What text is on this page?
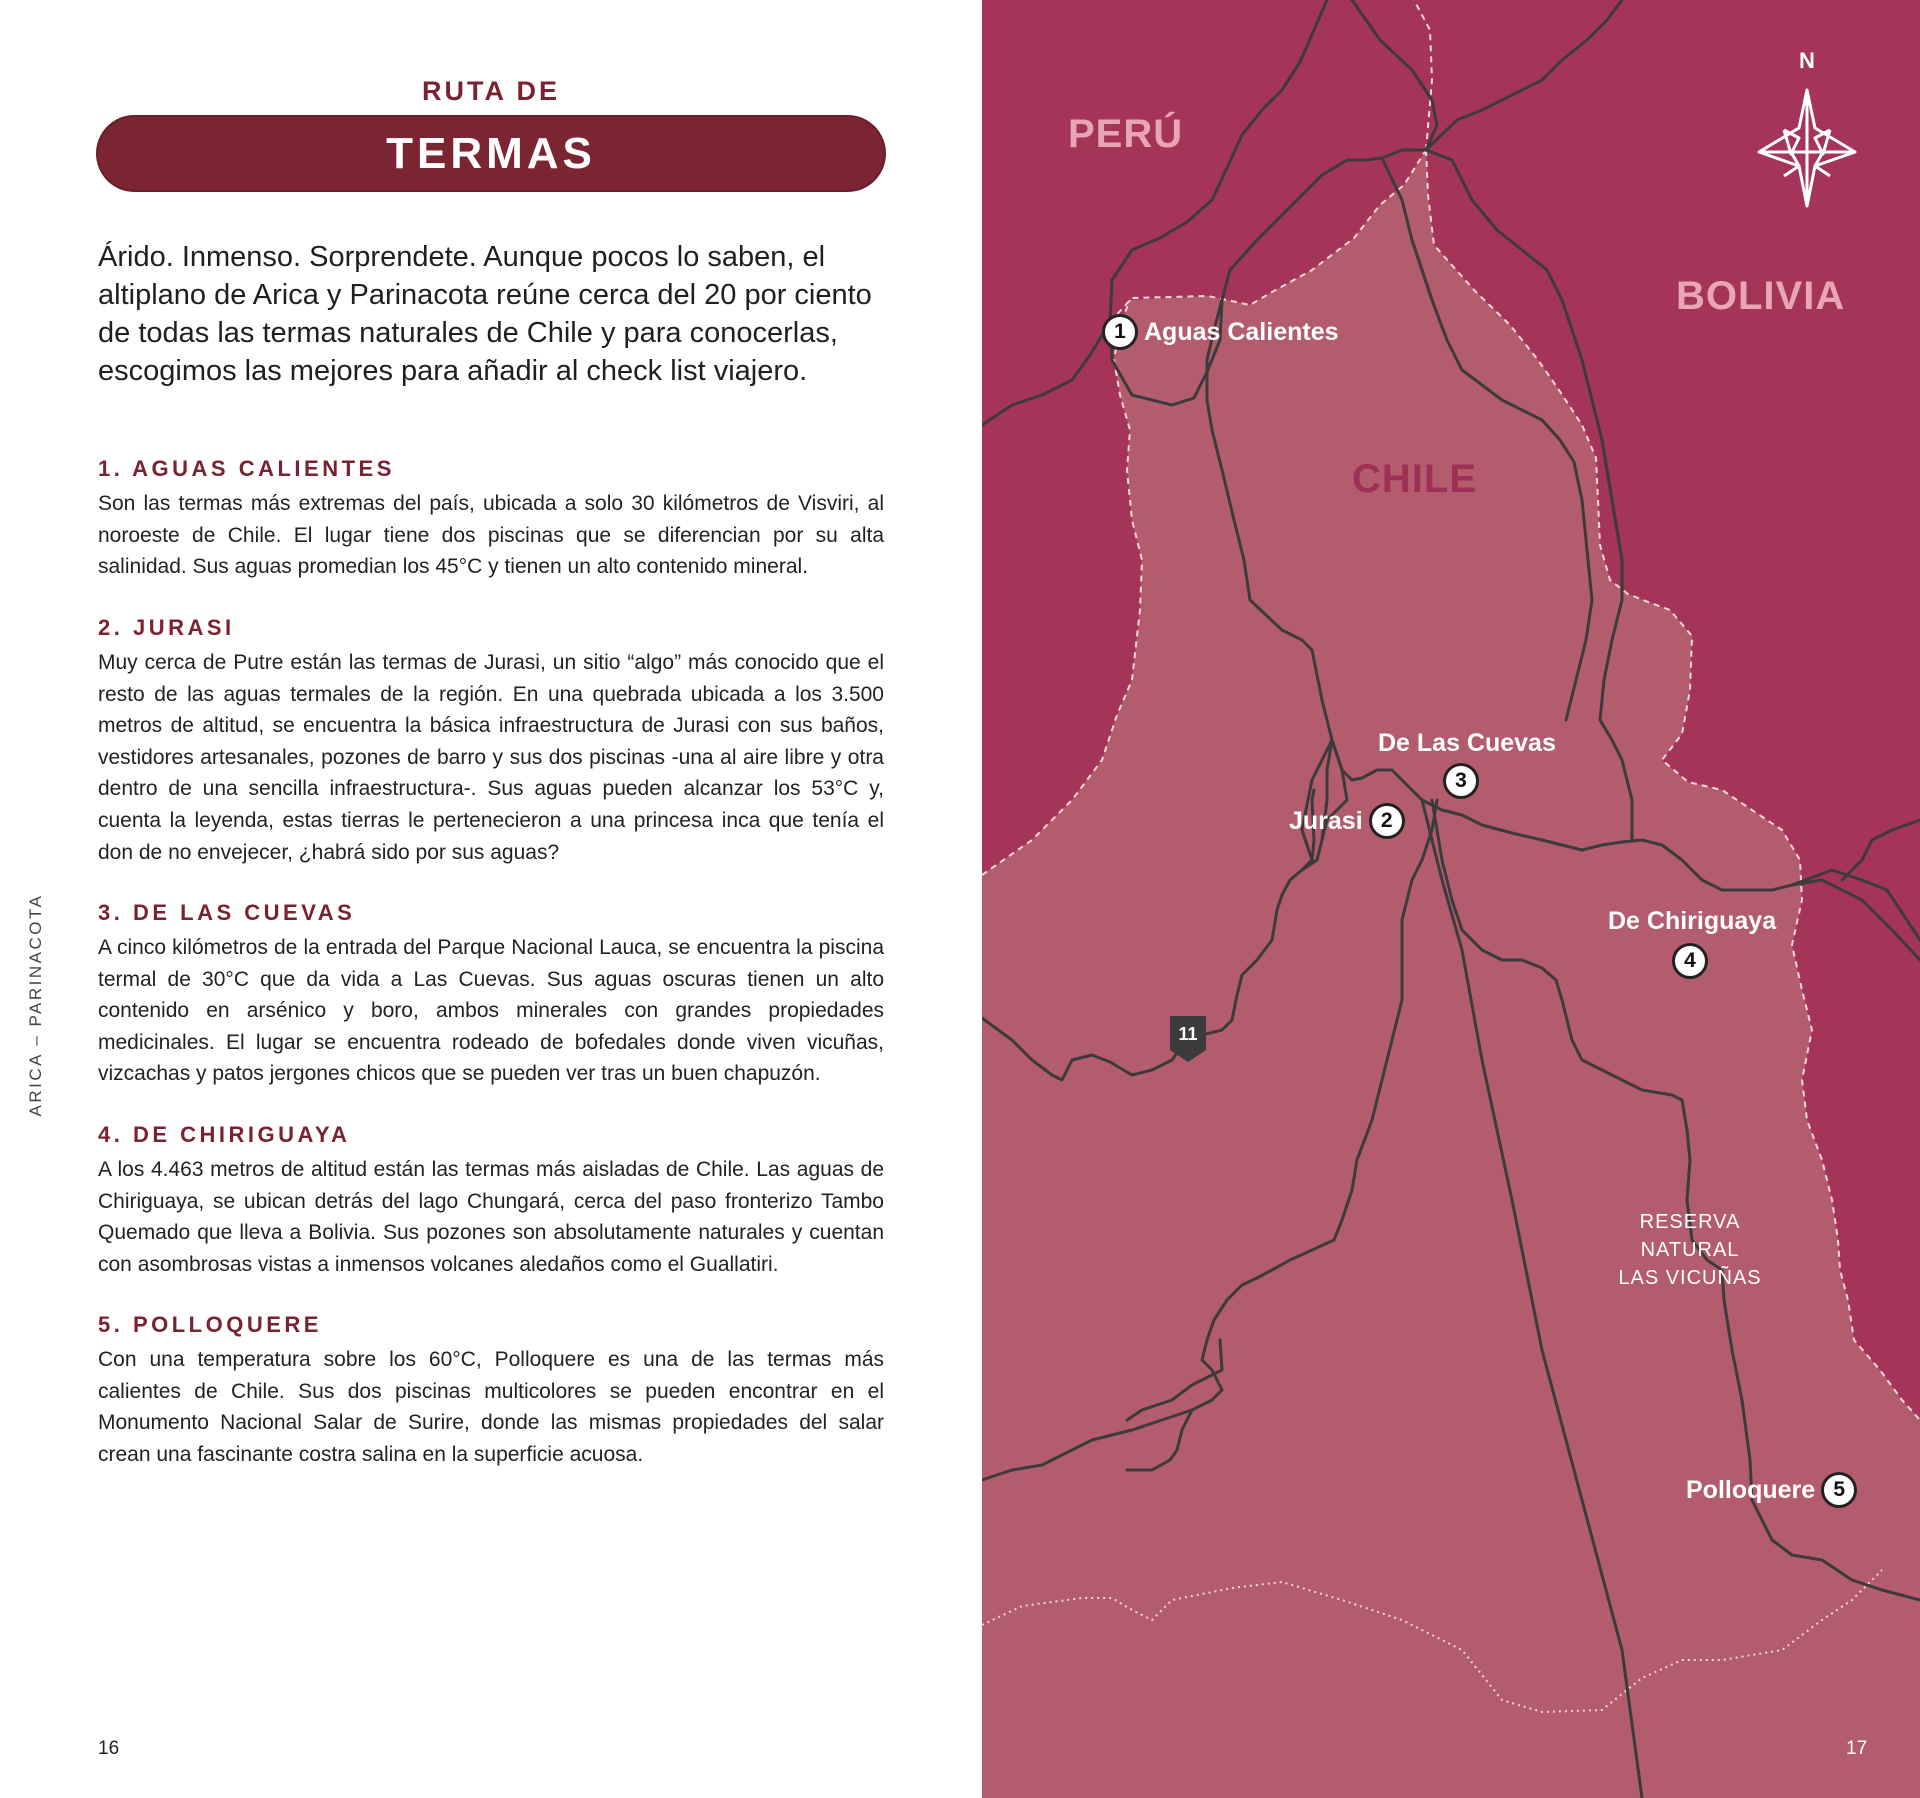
RUTA DE
TERMAS
Árido. Inmenso. Sorprendete. Aunque pocos lo saben, el altiplano de Arica y Parinacota reúne cerca del 20 por ciento de todas las termas naturales de Chile y para conocerlas, escogimos las mejores para añadir al check list viajero.
1. AGUAS CALIENTES

Son las termas más extremas del país, ubicada a solo 30 kilómetros de Visviri, al noroeste de Chile. El lugar tiene dos piscinas que se diferencian por su alta salinidad. Sus aguas promedian los 45°C y tienen un alto contenido mineral.

2. JURASI

Muy cerca de Putre están las termas de Jurasi, un sitio “algo” más conocido que el resto de las aguas termales de la región. En una quebrada ubicada a los 3.500 metros de altitud, se encuentra la básica infraestructura de Jurasi con sus baños, vestidores artesanales, pozones de barro y sus dos piscinas -una al aire libre y otra dentro de una sencilla infraestructura-. Sus aguas pueden alcanzar los 53°C y, cuenta la leyenda, estas tierras le pertenecieron a una princesa inca que tenía el don de no envejecer, ¿habrá sido por sus aguas?

3. DE LAS CUEVAS

A cinco kilómetros de la entrada del Parque Nacional Lauca, se encuentra la piscina termal de 30°C que da vida a Las Cuevas. Sus aguas oscuras tienen un alto contenido en arsénico y boro, ambos minerales con grandes propiedades medicinales. El lugar se encuentra rodeado de bofedales donde viven vicuñas, vizcachas y patos jergones chicos que se pueden ver tras un buen chapuzón.

4. DE CHIRIGUAYA

A los 4.463 metros de altitud están las termas más aisladas de Chile. Las aguas de Chiriguaya, se ubican detrás del lago Chungará, cerca del paso fronterizo Tambo Quemado que lleva a Bolivia. Sus pozones son absolutamente naturales y cuentan con asombrosas vistas a inmensos volcanes aledaños como el Guallatiri.

5. POLLOQUERE

Con una temperatura sobre los 60°C, Polloquere es una de las termas más calientes de Chile. Sus dos piscinas multicolores se pueden encontrar en el Monumento Nacional Salar de Surire, donde las mismas propiedades del salar crean una fascinante costra salina en la superficie acuosa.

ARICA – PARINACOTA
16
PERÚ
BOLIVIA
CHILE
N
1 Aguas Calientes
De Las Cuevas
3
Jurasi 2
De Chiriguaya
4
Polloquere 5
11
RESERVA
NATURAL
LAS VICUÑAS
17
